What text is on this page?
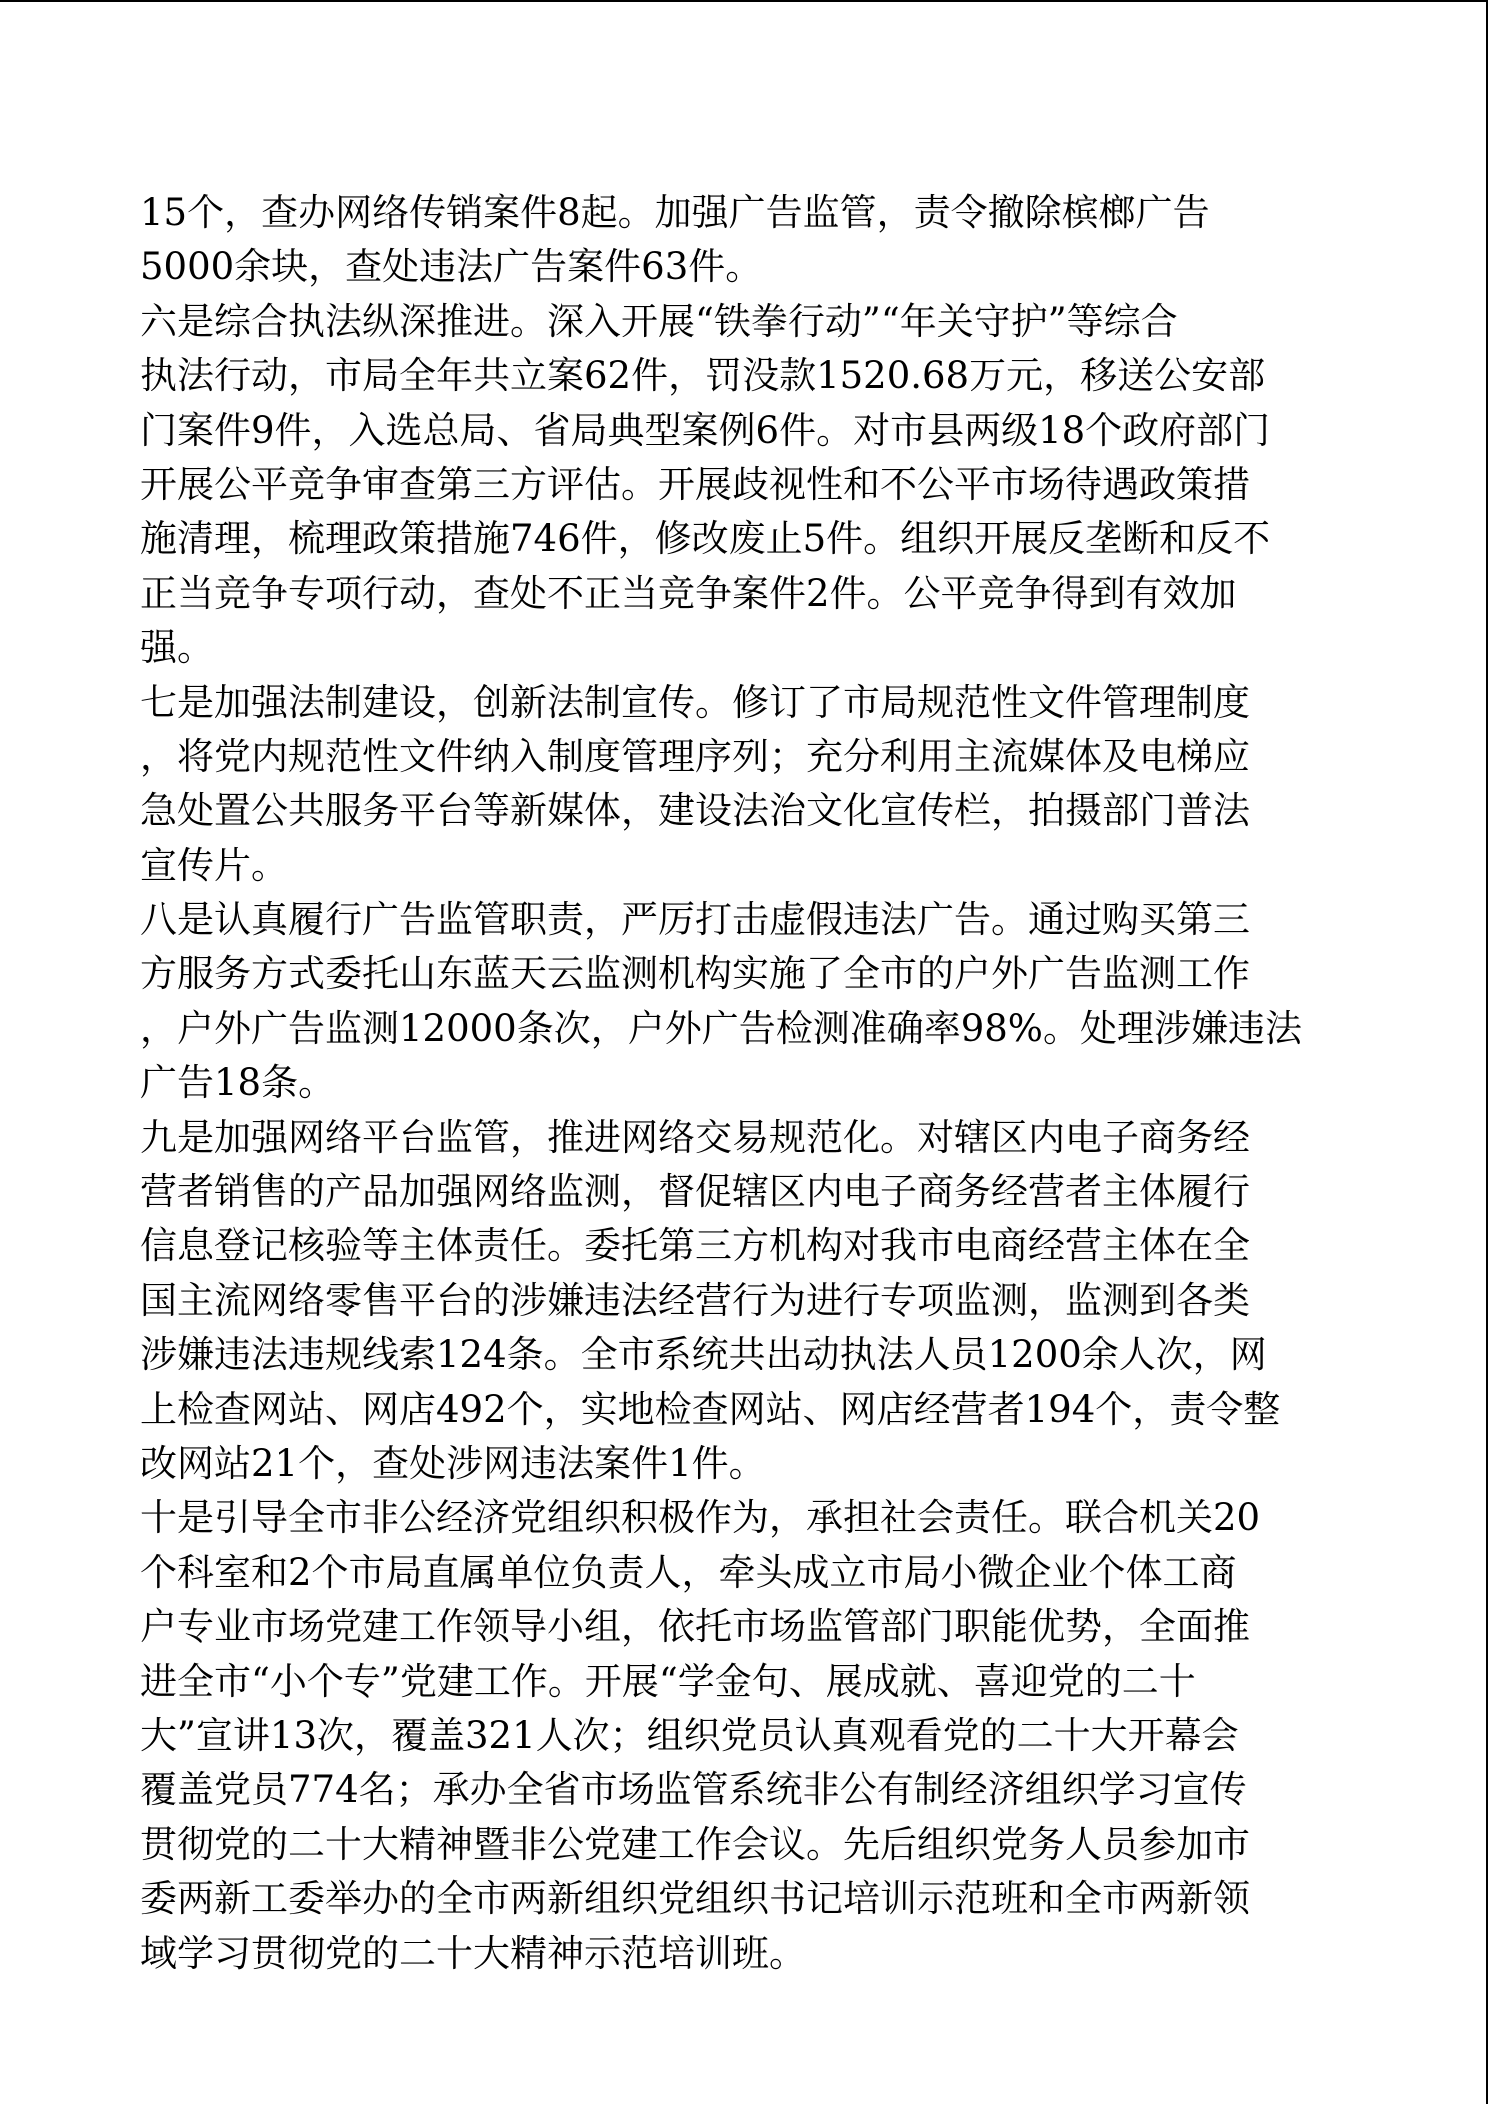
15个，查办网络传销案件8起。加强广告监管，责令撤除槟榔广告
5000余块，查处违法广告案件63件。
六是综合执法纵深推进。深入开展“铁拳行动”“年关守护”等综合
执法行动，市局全年共立案62件，罚没款1520.68万元，移送公安部
门案件9件，入选总局、省局典型案例6件。对市县两级18个政府部门
开展公平竞争审查第三方评估。开展歧视性和不公平市场待遇政策措
施清理，梳理政策措施746件，修改废止5件。组织开展反垄断和反不
正当竞争专项行动，查处不正当竞争案件2件。公平竞争得到有效加
强。
七是加强法制建设，创新法制宣传。修订了市局规范性文件管理制度
，将党内规范性文件纳入制度管理序列；充分利用主流媒体及电梯应
急处置公共服务平台等新媒体，建设法治文化宣传栏，拍摄部门普法
宣传片。
八是认真履行广告监管职责，严厉打击虚假违法广告。通过购买第三
方服务方式委托山东蓝天云监测机构实施了全市的户外广告监测工作
，户外广告监测12000条次，户外广告检测准确率98%。处理涉嫌违法
广告18条。
九是加强网络平台监管，推进网络交易规范化。对辖区内电子商务经
营者销售的产品加强网络监测，督促辖区内电子商务经营者主体履行
信息登记核验等主体责任。委托第三方机构对我市电商经营主体在全
国主流网络零售平台的涉嫌违法经营行为进行专项监测，监测到各类
涉嫌违法违规线索124条。全市系统共出动执法人员1200余人次，网
上检查网站、网店492个，实地检查网站、网店经营者194个，责令整
改网站21个，查处涉网违法案件1件。
十是引导全市非公经济党组织积极作为，承担社会责任。联合机关20
个科室和2个市局直属单位负责人，牵头成立市局小微企业个体工商
户专业市场党建工作领导小组，依托市场监管部门职能优势，全面推
进全市“小个专”党建工作。开展“学金句、展成就、喜迎党的二十
大”宣讲13次，覆盖321人次；组织党员认真观看党的二十大开幕会
覆盖党员774名；承办全省市场监管系统非公有制经济组织学习宣传
贯彻党的二十大精神暨非公党建工作会议。先后组织党务人员参加市
委两新工委举办的全市两新组织党组织书记培训示范班和全市两新领
域学习贯彻党的二十大精神示范培训班。
